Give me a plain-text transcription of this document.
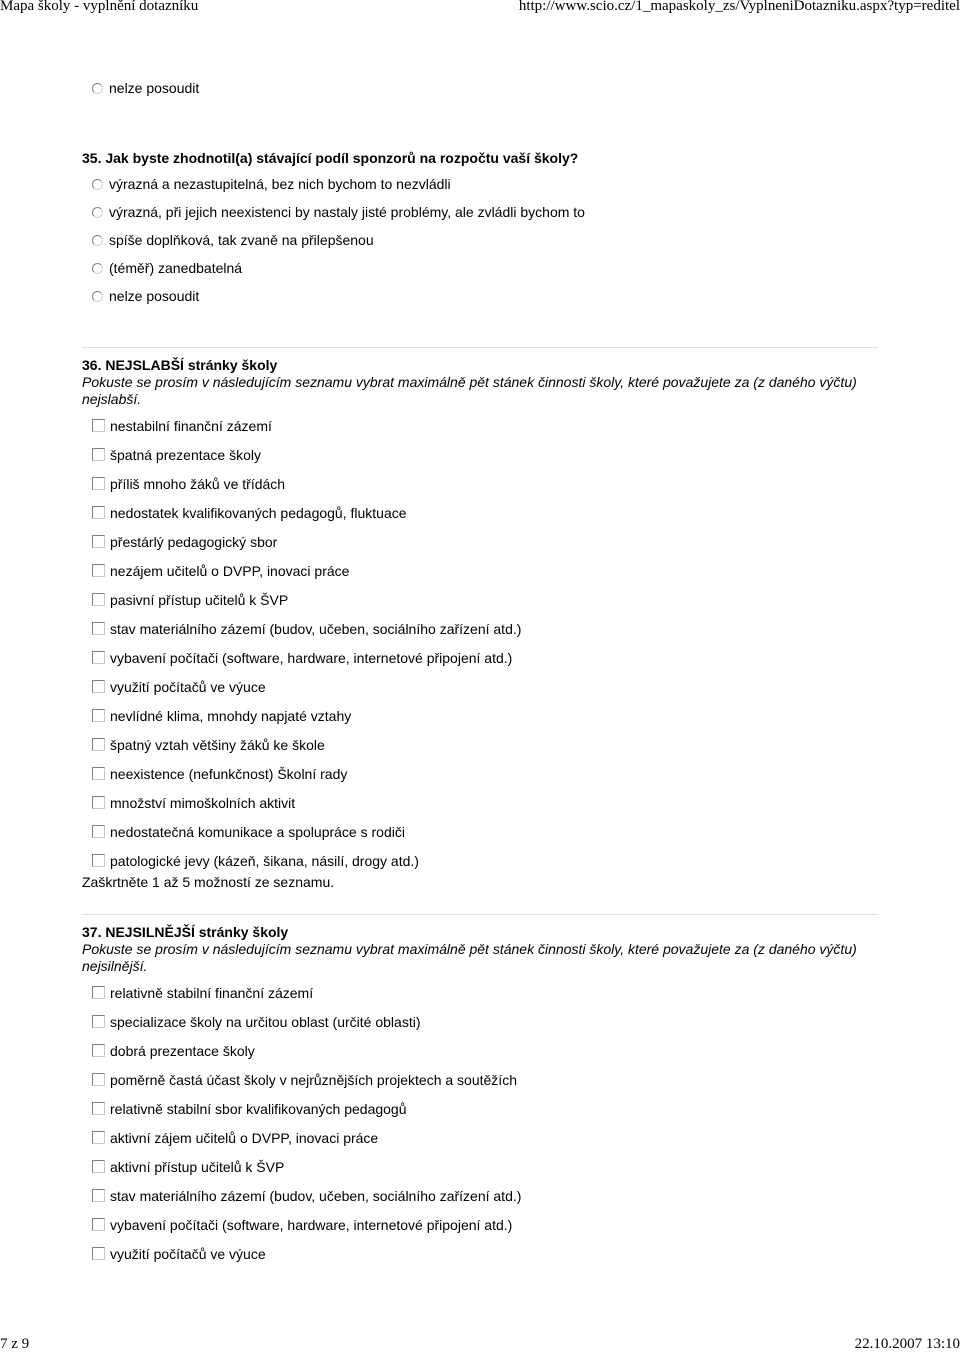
Mapa školy - vyplnění dotazníku	http://www.scio.cz/1_mapaskoly_zs/VyplneniDotazniku.aspx?typ=reditel
nelze posoudit
35. Jak byste zhodnotil(a) stávající podíl sponzorů na rozpočtu vaší školy?
výrazná a nezastupitelná, bez nich bychom to nezvládli
výrazná, při jejich neexistenci by nastaly jisté problémy, ale zvládli bychom to
spíše doplňková, tak zvaně na přilepšenou
(téměř) zanedbatelná
nelze posoudit
36. NEJSLABŠÍ stránky školy
Pokuste se prosím v následujícím seznamu vybrat maximálně pět stánek činnosti školy, které považujete za (z daného výčtu) nejslabší.
nestabilní finanční zázemí
špatná prezentace školy
příliš mnoho žáků ve třídách
nedostatek kvalifikovaných pedagogů, fluktuace
přestárlý pedagogický sbor
nezájem učitelů o DVPP, inovaci práce
pasivní přístup učitelů k ŠVP
stav materiálního zázemí (budov, učeben, sociálního zařízení atd.)
vybavení počítači (software, hardware, internetové připojení atd.)
využití počítačů ve výuce
nevlídné klima, mnohdy napjaté vztahy
špatný vztah většiny žáků ke škole
neexistence (nefunkčnost) Školní rady
množství mimoškolních aktivit
nedostatečná komunikace a spolupráce s rodiči
patologické jevy (kázeň, šikana, násilí, drogy atd.)
Zaškrtněte 1 až 5 možností ze seznamu.
37. NEJSILNĚJŠÍ stránky školy
Pokuste se prosím v následujícím seznamu vybrat maximálně pět stánek činnosti školy, které považujete za (z daného výčtu) nejsilnější.
relativně stabilní finanční zázemí
specializace školy na určitou oblast (určité oblasti)
dobrá prezentace školy
poměrně častá účast školy v nejrůznějších projektech a soutěžích
relativně stabilní sbor kvalifikovaných pedagogů
aktivní zájem učitelů o DVPP, inovaci práce
aktivní přístup učitelů k ŠVP
stav materiálního zázemí (budov, učeben, sociálního zařízení atd.)
vybavení počítači (software, hardware, internetové připojení atd.)
využití počítačů ve výuce
7 z 9	22.10.2007 13:10
